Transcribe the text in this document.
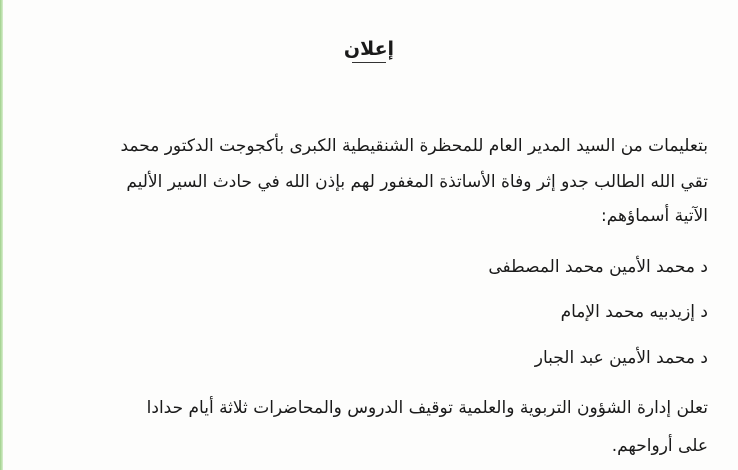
إعلان
بتعليمات من السيد المدير العام للمحظرة الشنقيطية الكبرى بأكجوجت الدكتور محمد
تقي الله الطالب جدو إثر وفاة الأساتذة المغفور لهم بإذن الله في حادث السير الأليم
الآتية أسماؤهم:
د محمد الأمين محمد المصطفى
د إزيدبيه محمد الإمام
د محمد الأمين عبد الجبار
تعلن إدارة الشؤون التربوية والعلمية توقيف الدروس والمحاضرات ثلاثة أيام حدادا
على أرواحهم.
